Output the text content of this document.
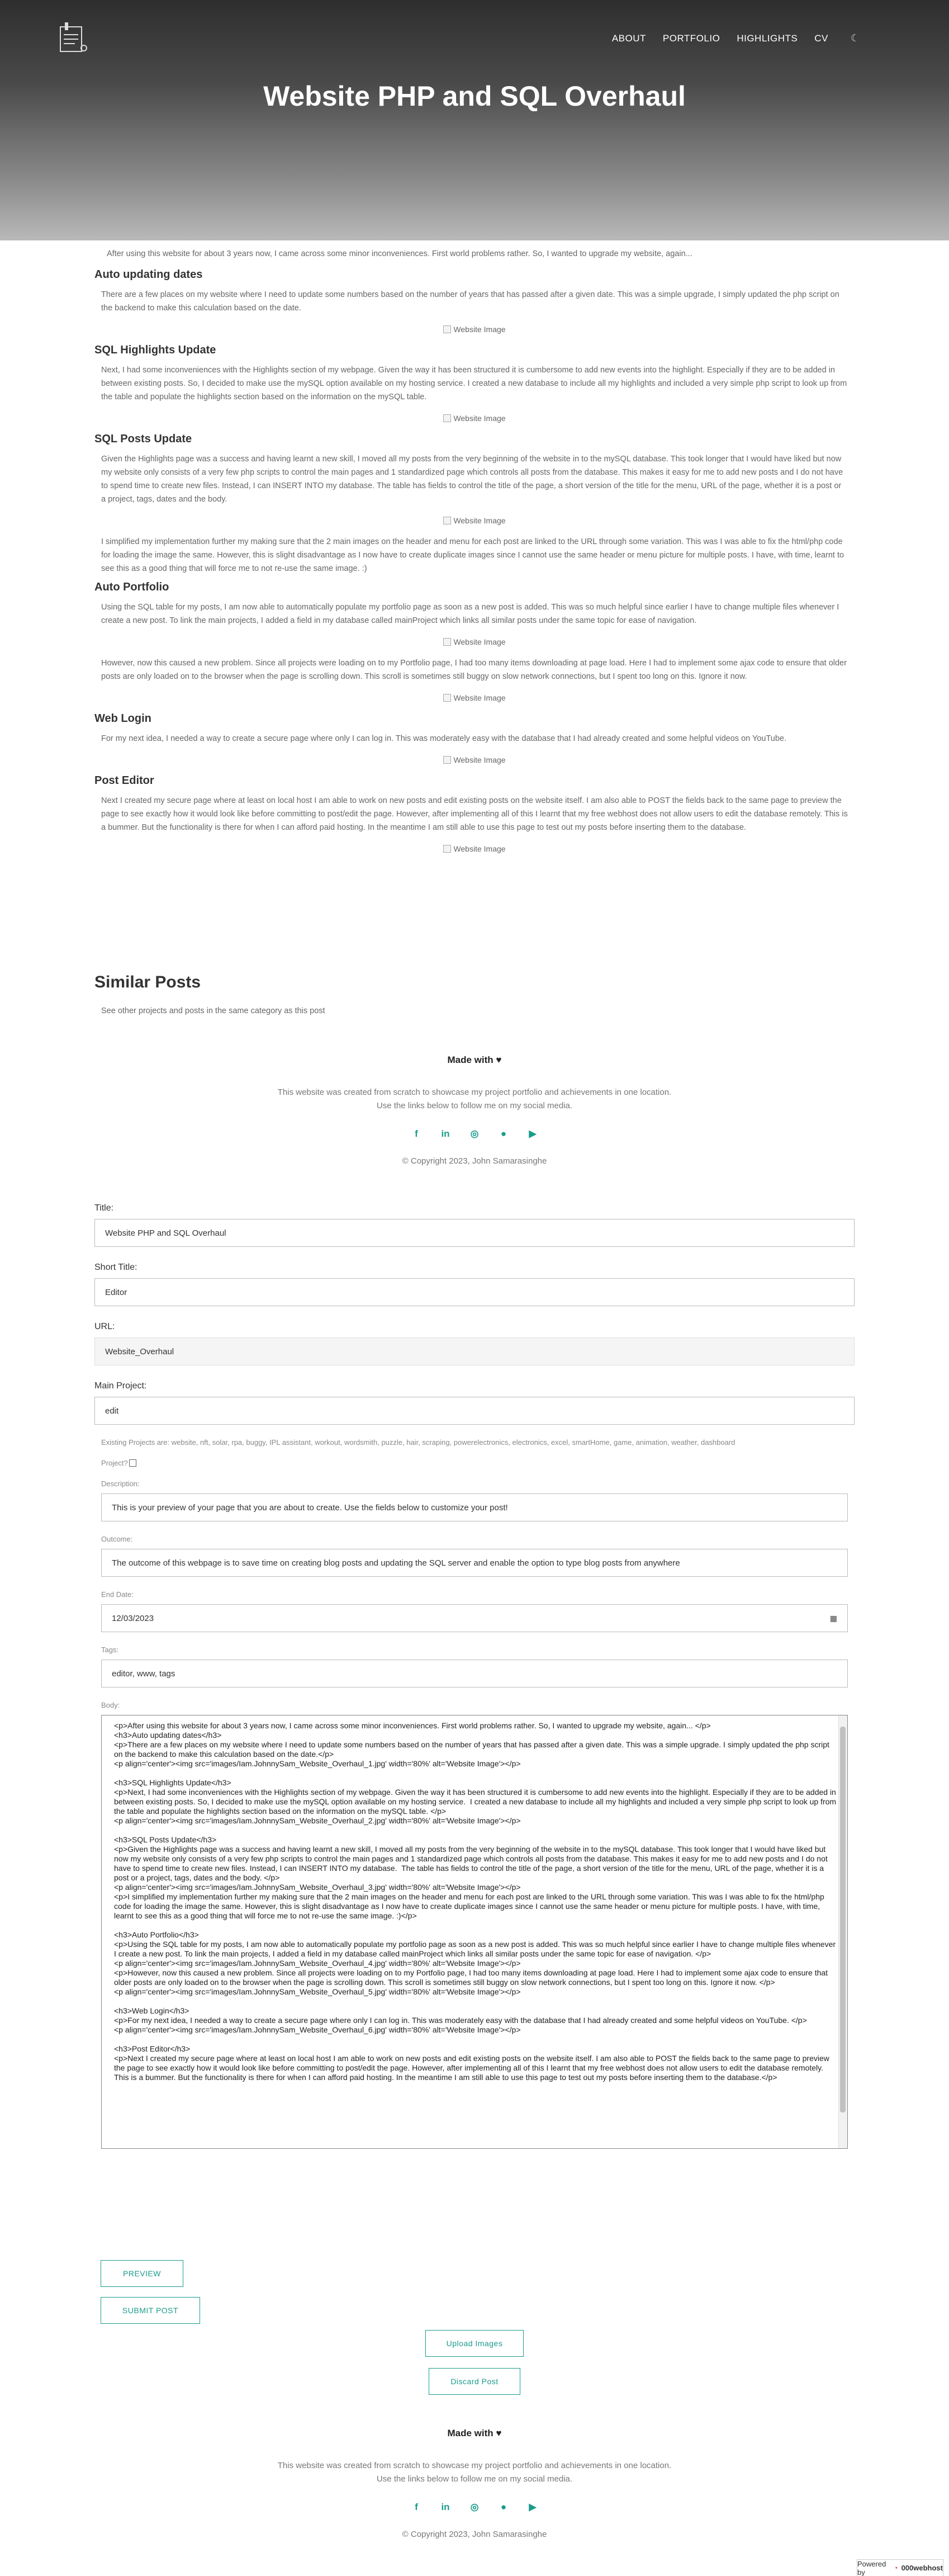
ABOUT PORTFOLIO HIGHLIGHTS CV ☾
Website PHP and SQL Overhaul

After using this website for about 3 years now, I came across some minor inconveniences. First world problems rather. So, I wanted to upgrade my website, again...

Auto updating dates

There are a few places on my website where I need to update some numbers based on the number of years that has passed after a given date. This was a simple upgrade, I simply updated the php script on the backend to make this calculation based on the date.

Website Image
SQL Highlights Update

Next, I had some inconveniences with the Highlights section of my webpage. Given the way it has been structured it is cumbersome to add new events into the highlight. Especially if they are to be added in between existing posts. So, I decided to make use the mySQL option available on my hosting service. I created a new database to include all my highlights and included a very simple php script to look up from the table and populate the highlights section based on the information on the mySQL table.

Website Image
SQL Posts Update

Given the Highlights page was a success and having learnt a new skill, I moved all my posts from the very beginning of the website in to the mySQL database. This took longer that I would have liked but now my website only consists of a very few php scripts to control the main pages and 1 standardized page which controls all posts from the database. This makes it easy for me to add new posts and I do not have to spend time to create new files. Instead, I can INSERT INTO my database. The table has fields to control the title of the page, a short version of the title for the menu, URL of the page, whether it is a post or a project, tags, dates and the body.

Website Image

I simplified my implementation further my making sure that the 2 main images on the header and menu for each post are linked to the URL through some variation. This was I was able to fix the html/php code for loading the image the same. However, this is slight disadvantage as I now have to create duplicate images since I cannot use the same header or menu picture for multiple posts. I have, with time, learnt to see this as a good thing that will force me to not re-use the same image. :)

Auto Portfolio

Using the SQL table for my posts, I am now able to automatically populate my portfolio page as soon as a new post is added. This was so much helpful since earlier I have to change multiple files whenever I create a new post. To link the main projects, I added a field in my database called mainProject which links all similar posts under the same topic for ease of navigation.

Website Image

However, now this caused a new problem. Since all projects were loading on to my Portfolio page, I had too many items downloading at page load. Here I had to implement some ajax code to ensure that older posts are only loaded on to the browser when the page is scrolling down. This scroll is sometimes still buggy on slow network connections, but I spent too long on this. Ignore it now.

Website Image
Web Login

For my next idea, I needed a way to create a secure page where only I can log in. This was moderately easy with the database that I had already created and some helpful videos on YouTube.

Website Image
Post Editor

Next I created my secure page where at least on local host I am able to work on new posts and edit existing posts on the website itself. I am also able to POST the fields back to the same page to preview the page to see exactly how it would look like before committing to post/edit the page. However, after implementing all of this I learnt that my free webhost does not allow users to edit the database remotely. This is a bummer. But the functionality is there for when I can afford paid hosting. In the meantime I am still able to use this page to test out my posts before inserting them to the database.

Website Image
Similar Posts

See other projects and posts in the same category as this post

Made with ♥
This website was created from scratch to showcase my project portfolio and achievements in one location.
Use the links below to follow me on my social media.
f	in ◎	●	▶
© Copyright 2023, John Samarasinghe
Title:
Website PHP and SQL Overhaul
Short Title:
Editor
URL:
Website_Overhaul
Main Project:
edit
Existing Projects are: website, nft, solar, rpa, buggy, IPL assistant, workout, wordsmith, puzzle, hair, scraping, powerelectronics, electronics, excel, smartHome, game, animation, weather, dashboard
Project?
Description:
This is your preview of your page that you are about to create. Use the fields below to customize your post!
Outcome:
The outcome of this webpage is to save time on creating blog posts and updating the SQL server and enable the option to type blog posts from anywhere
End Date:
12/03/2023	▦
Tags:
editor, www, tags
Body:
<p>After using this website for about 3 years now, I came across some minor inconveniences. First world problems rather. So, I wanted to upgrade my website, again... </p>
<h3>Auto updating dates</h3>
<p>There are a few places on my website where I need to update some numbers based on the number of years that has passed after a given date. This was a simple upgrade. I simply updated the php script on the backend to make this calculation based on the date.</p>
<p align='center'><img src='images/Iam.JohnnySam_Website_Overhaul_1.jpg' width='80%' alt='Website Image'></p>

<h3>SQL Highlights Update</h3>
<p>Next, I had some inconveniences with the Highlights section of my webpage. Given the way it has been structured it is cumbersome to add new events into the highlight. Especially if they are to be added in between existing posts. So, I decided to make use the mySQL option available on my hosting service.  I created a new database to include all my highlights and included a very simple php script to look up from the table and populate the highlights section based on the information on the mySQL table. </p>
<p align='center'><img src='images/Iam.JohnnySam_Website_Overhaul_2.jpg' width='80%' alt='Website Image'></p>

<h3>SQL Posts Update</h3>
<p>Given the Highlights page was a success and having learnt a new skill, I moved all my posts from the very beginning of the website in to the mySQL database. This took longer that I would have liked but now my website only consists of a very few php scripts to control the main pages and 1 standardized page which controls all posts from the database. This makes it easy for me to add new posts and I do not have to spend time to create new files. Instead, I can INSERT INTO my database.  The table has fields to control the title of the page, a short version of the title for the menu, URL of the page, whether it is a post or a project, tags, dates and the body. </p>
<p align='center'><img src='images/Iam.JohnnySam_Website_Overhaul_3.jpg' width='80%' alt='Website Image'></p>
<p>I simplified my implementation further my making sure that the 2 main images on the header and menu for each post are linked to the URL through some variation. This was I was able to fix the html/php code for loading the image the same. However, this is slight disadvantage as I now have to create duplicate images since I cannot use the same header or menu picture for multiple posts. I have, with time, learnt to see this as a good thing that will force me to not re-use the same image. :)</p>

<h3>Auto Portfolio</h3>
<p>Using the SQL table for my posts, I am now able to automatically populate my portfolio page as soon as a new post is added. This was so much helpful since earlier I have to change multiple files whenever I create a new post. To link the main projects, I added a field in my database called mainProject which links all similar posts under the same topic for ease of navigation. </p>
<p align='center'><img src='images/Iam.JohnnySam_Website_Overhaul_4.jpg' width='80%' alt='Website Image'></p>
<p>However, now this caused a new problem. Since all projects were loading on to my Portfolio page, I had too many items downloading at page load. Here I had to implement some ajax code to ensure that older posts are only loaded on to the browser when the page is scrolling down. This scroll is sometimes still buggy on slow network connections, but I spent too long on this. Ignore it now. </p>
<p align='center'><img src='images/Iam.JohnnySam_Website_Overhaul_5.jpg' width='80%' alt='Website Image'></p>

<h3>Web Login</h3>
<p>For my next idea, I needed a way to create a secure page where only I can log in. This was moderately easy with the database that I had already created and some helpful videos on YouTube. </p>
<p align='center'><img src='images/Iam.JohnnySam_Website_Overhaul_6.jpg' width='80%' alt='Website Image'></p>

<h3>Post Editor</h3>
<p>Next I created my secure page where at least on local host I am able to work on new posts and edit existing posts on the website itself. I am also able to POST the fields back to the same page to preview the page to see exactly how it would look like before committing to post/edit the page. However, after implementing all of this I learnt that my free webhost does not allow users to edit the database remotely. This is a bummer. But the functionality is there for when I can afford paid hosting. In the meantime I am still able to use this page to test out my posts before inserting them to the database.</p>
PREVIEW
SUBMIT POST
Upload Images
Discard Post
Made with ♥
This website was created from scratch to showcase my project portfolio and achievements in one location.
Use the links below to follow me on my social media.
f	in ◎	●	▶
© Copyright 2023, John Samarasinghe
Powered by	◔ 000webhost
